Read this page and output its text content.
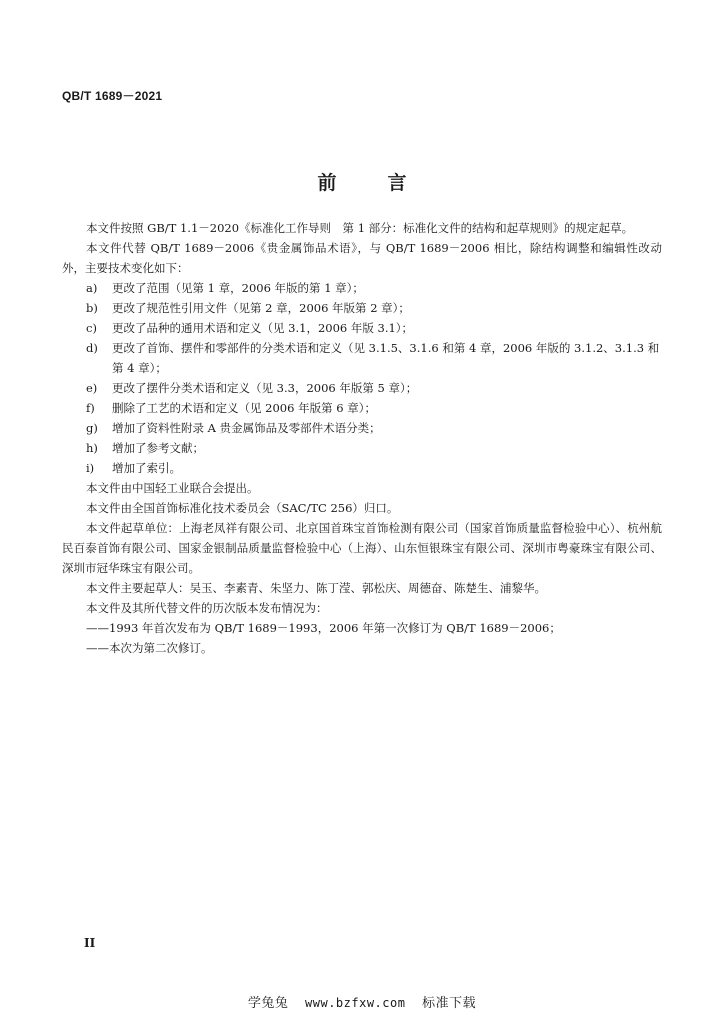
QB/T 1689－2021
前　言

本文件按照 GB/T 1.1－2020《标准化工作导则　第 1 部分：标准化文件的结构和起草规则》的规定起草。

本文件代替 QB/T 1689－2006《贵金属饰品术语》，与 QB/T 1689－2006 相比，除结构调整和编辑性改动外，主要技术变化如下：

a)	更改了范围（见第 1 章，2006 年版的第 1 章）；
b)	更改了规范性引用文件（见第 2 章，2006 年版第 2 章）；
c)	更改了品种的通用术语和定义（见 3.1，2006 年版 3.1）；
d)	更改了首饰、摆件和零部件的分类术语和定义（见 3.1.5、3.1.6 和第 4 章，2006 年版的 3.1.2、3.1.3 和第 4 章）；
e)	更改了摆件分类术语和定义（见 3.3，2006 年版第 5 章）；
f)	删除了工艺的术语和定义（见 2006 年版第 6 章）；
g)	增加了资料性附录 A 贵金属饰品及零部件术语分类；
h)	增加了参考文献；
i)	增加了索引。

本文件由中国轻工业联合会提出。

本文件由全国首饰标准化技术委员会（SAC/TC 256）归口。

本文件起草单位：上海老凤祥有限公司、北京国首珠宝首饰检测有限公司（国家首饰质量监督检验中心）、杭州航民百泰首饰有限公司、国家金银制品质量监督检验中心（上海）、山东恒银珠宝有限公司、深圳市粤豪珠宝有限公司、深圳市冠华珠宝有限公司。

本文件主要起草人：吴玉、李素青、朱坚力、陈丁滢、郭松庆、周德奋、陈楚生、浦黎华。

本文件及其所代替文件的历次版本发布情况为：

——1993 年首次发布为 QB/T 1689－1993，2006 年第一次修订为 QB/T 1689－2006；

——本次为第二次修订。

II
学兔兔 www.bzfxw.com 标准下载
